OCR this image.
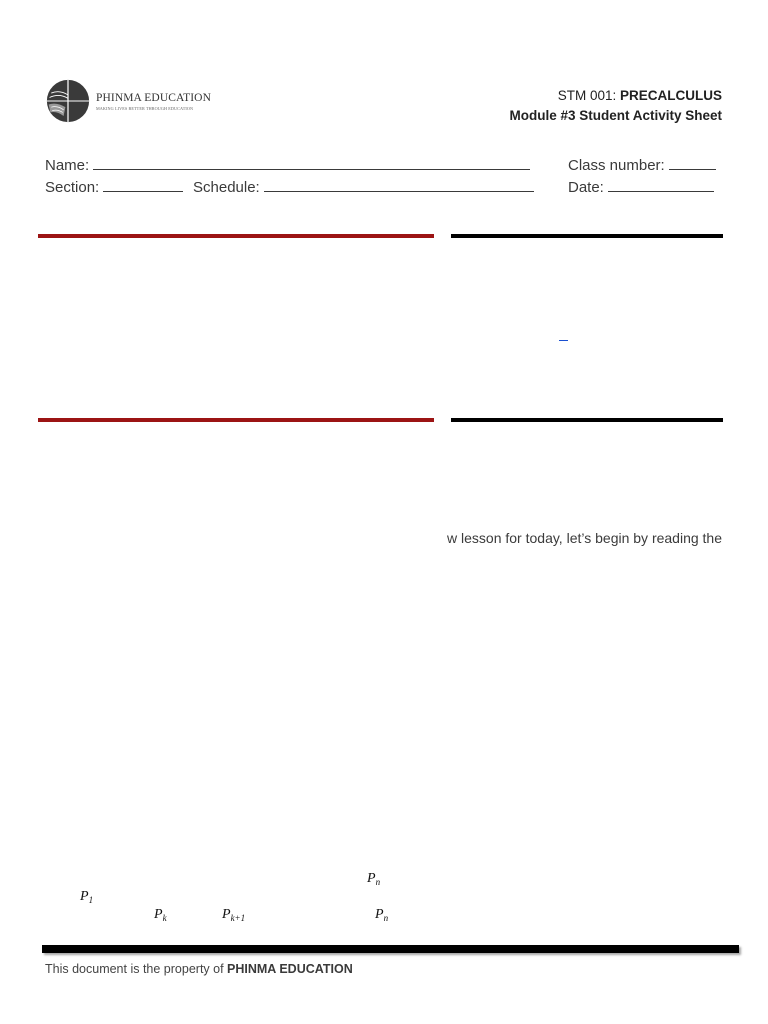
PHINMA EDUCATION
MAKING LIVES BETTER THROUGH EDUCATION
STM 001: PRECALCULUS
Module #3 Student Activity Sheet
Name:	Class number:
Section:	Schedule:	Date:
w lesson for today, let’s begin by reading the
$P_n$
$P_1$
$P_k$	$P_{k+1}$	$P_n$
This document is the property of PHINMA EDUCATION
